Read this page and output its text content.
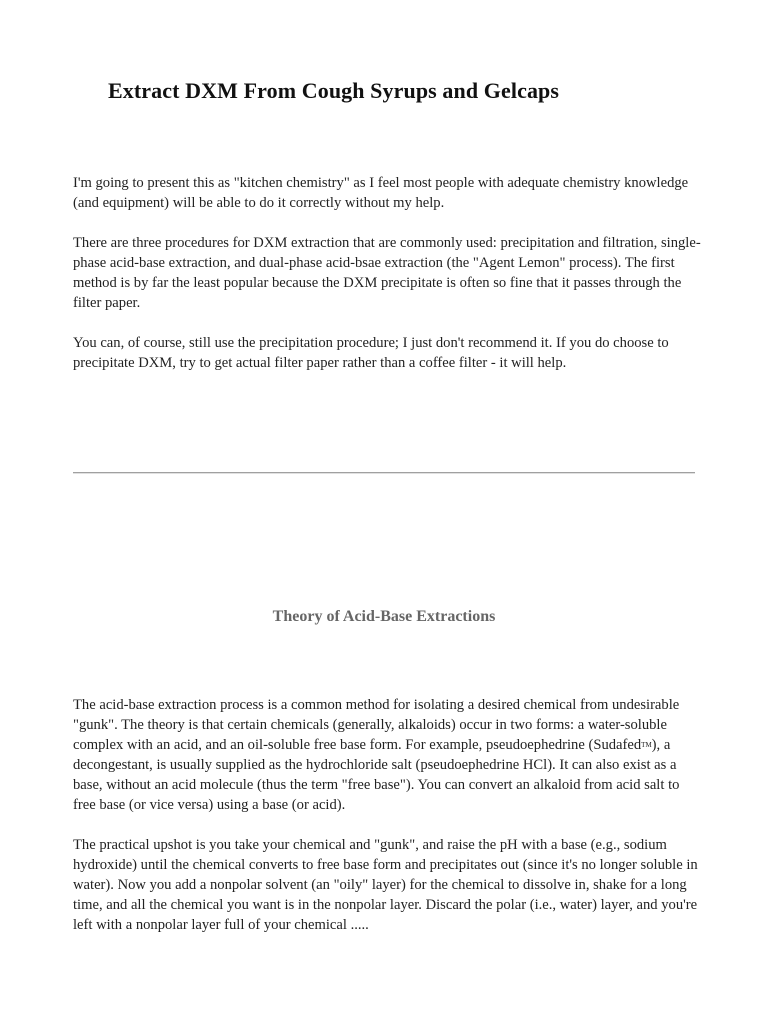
Extract DXM From Cough Syrups and Gelcaps

I'm going to present this as "kitchen chemistry" as I feel most people with adequate chemistry knowledge (and equipment) will be able to do it correctly without my help.

There are three procedures for DXM extraction that are commonly used: precipitation and filtration, single-phase acid-base extraction, and dual-phase acid-bsae extraction (the "Agent Lemon" process). The first method is by far the least popular because the DXM precipitate is often so fine that it passes through the filter paper.

You can, of course, still use the precipitation procedure; I just don't recommend it. If you do choose to precipitate DXM, try to get actual filter paper rather than a coffee filter - it will help.

Theory of Acid-Base Extractions

The acid-base extraction process is a common method for isolating a desired chemical from undesirable "gunk". The theory is that certain chemicals (generally, alkaloids) occur in two forms: a water-soluble complex with an acid, and an oil-soluble free base form. For example, pseudoephedrine (SudafedTM), a decongestant, is usually supplied as the hydrochloride salt (pseudoephedrine HCl). It can also exist as a base, without an acid molecule (thus the term "free base"). You can convert an alkaloid from acid salt to free base (or vice versa) using a base (or acid).

The practical upshot is you take your chemical and "gunk", and raise the pH with a base (e.g., sodium hydroxide) until the chemical converts to free base form and precipitates out (since it's no longer soluble in water). Now you add a nonpolar solvent (an "oily" layer) for the chemical to dissolve in, shake for a long time, and all the chemical you want is in the nonpolar layer. Discard the polar (i.e., water) layer, and you're left with a nonpolar layer full of your chemical .....
